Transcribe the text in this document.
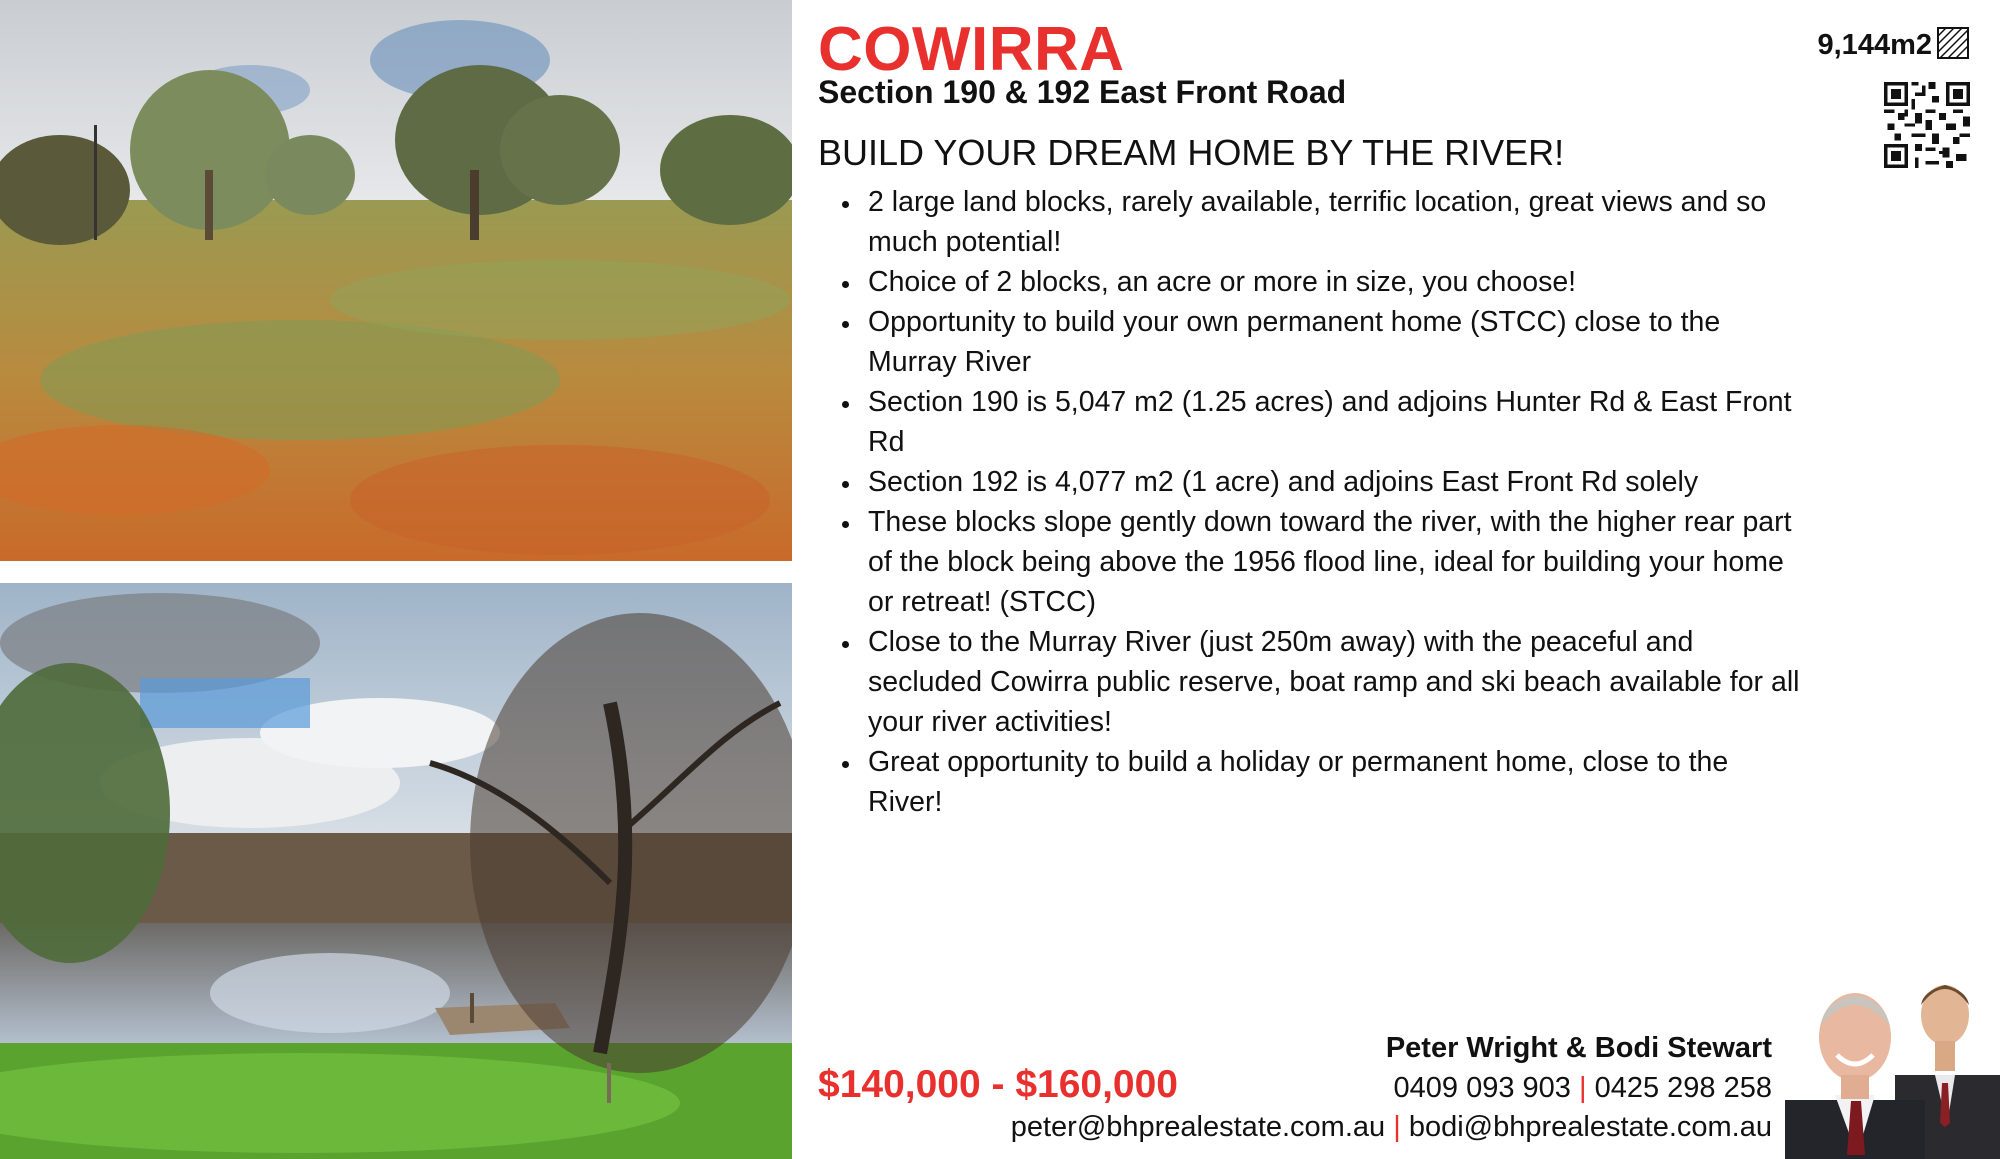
COWIRRA
Section 190 & 192 East Front Road
BUILD YOUR DREAM HOME BY THE RIVER!
9,144m2
2 large land blocks, rarely available, terrific location, great views and so much potential!
Choice of 2 blocks, an acre or more in size, you choose!
Opportunity to build your own permanent home (STCC) close to the Murray River
Section 190 is 5,047 m2 (1.25 acres) and adjoins Hunter Rd & East Front Rd
Section 192 is 4,077 m2 (1 acre) and adjoins East Front Rd solely
These blocks slope gently down toward the river, with the higher rear part of the block being above the 1956 flood line, ideal for building your home or retreat! (STCC)
Close to the Murray River (just 250m away) with the peaceful and secluded Cowirra public reserve, boat ramp and ski beach available for all your river activities!
Great opportunity to build a holiday or permanent home, close to the River!
$140,000 - $160,000
Peter Wright & Bodi Stewart
0409 093 903 | 0425 298 258
peter@bhprealestate.com.au | bodi@bhprealestate.com.au
